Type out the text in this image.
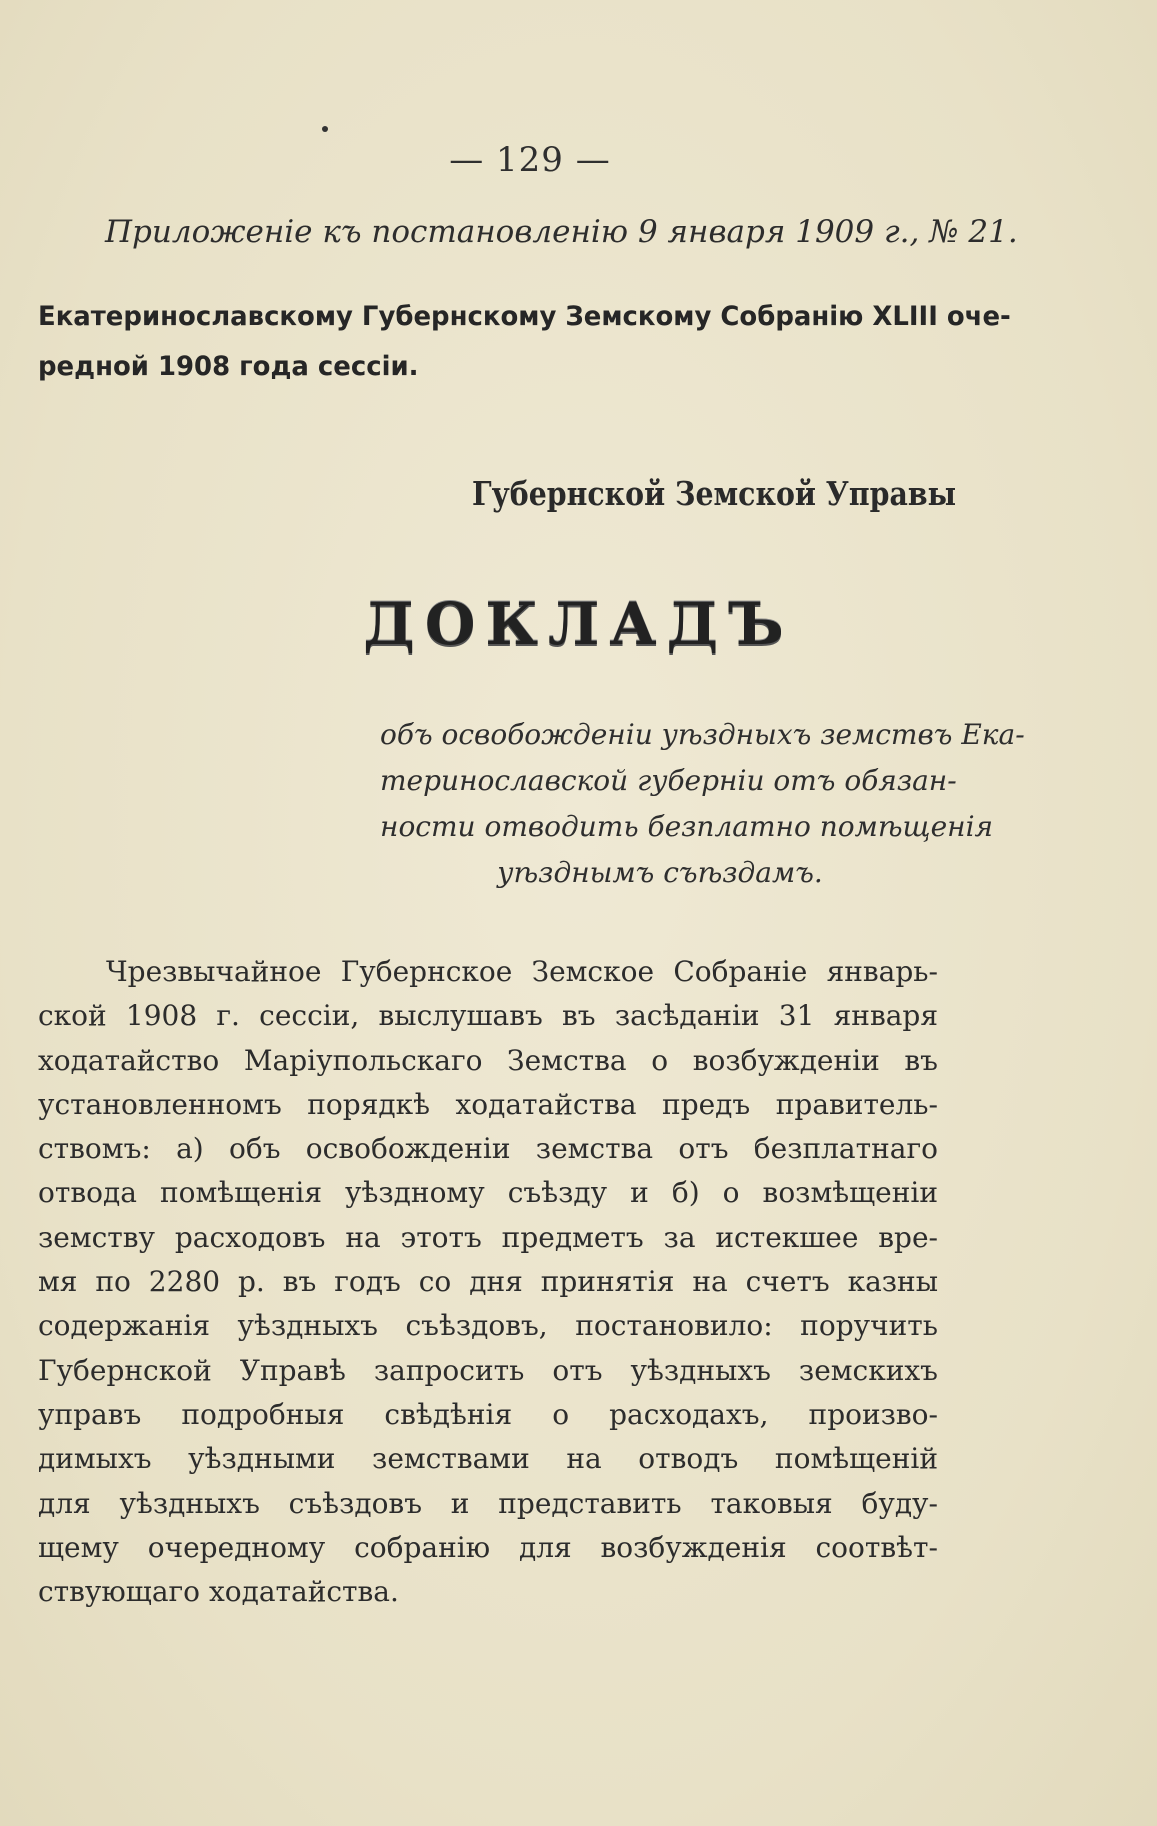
— 129 —
Приложеніе къ постановленію 9 января 1909 г., № 21.
Екатеринославскому Губернскому Земскому Собранію XLIII оче-
редной 1908 года сессіи.
Губернской Земской Управы
ДОКЛАДЪ
объ освобожденіи уѣздныхъ земствъ Ека-
теринославской губерніи отъ обязан-
ности отводить безплатно помѣщенія
уѣзднымъ съѣздамъ.
Чрезвычайное Губернское Земское Собраніе январь-
ской 1908 г. сессіи, выслушавъ въ засѣданіи 31 января
ходатайство Маріупольскаго Земства о возбужденіи въ
установленномъ порядкѣ ходатайства предъ правитель-
ствомъ: а) объ освобожденіи земства отъ безплатнаго
отвода помѣщенія уѣздному съѣзду и б) о возмѣщеніи
земству расходовъ на этотъ предметъ за истекшее вре-
мя по 2280 р. въ годъ со дня принятія на счетъ казны
содержанія уѣздныхъ съѣздовъ, постановило: поручить
Губернской Управѣ запросить отъ уѣздныхъ земскихъ
управъ подробныя свѣдѣнія о расходахъ, произво-
димыхъ уѣздными земствами на отводъ помѣщеній
для уѣздныхъ съѣздовъ и представить таковыя буду-
щему очередному собранію для возбужденія соотвѣт-
ствующаго ходатайства.
